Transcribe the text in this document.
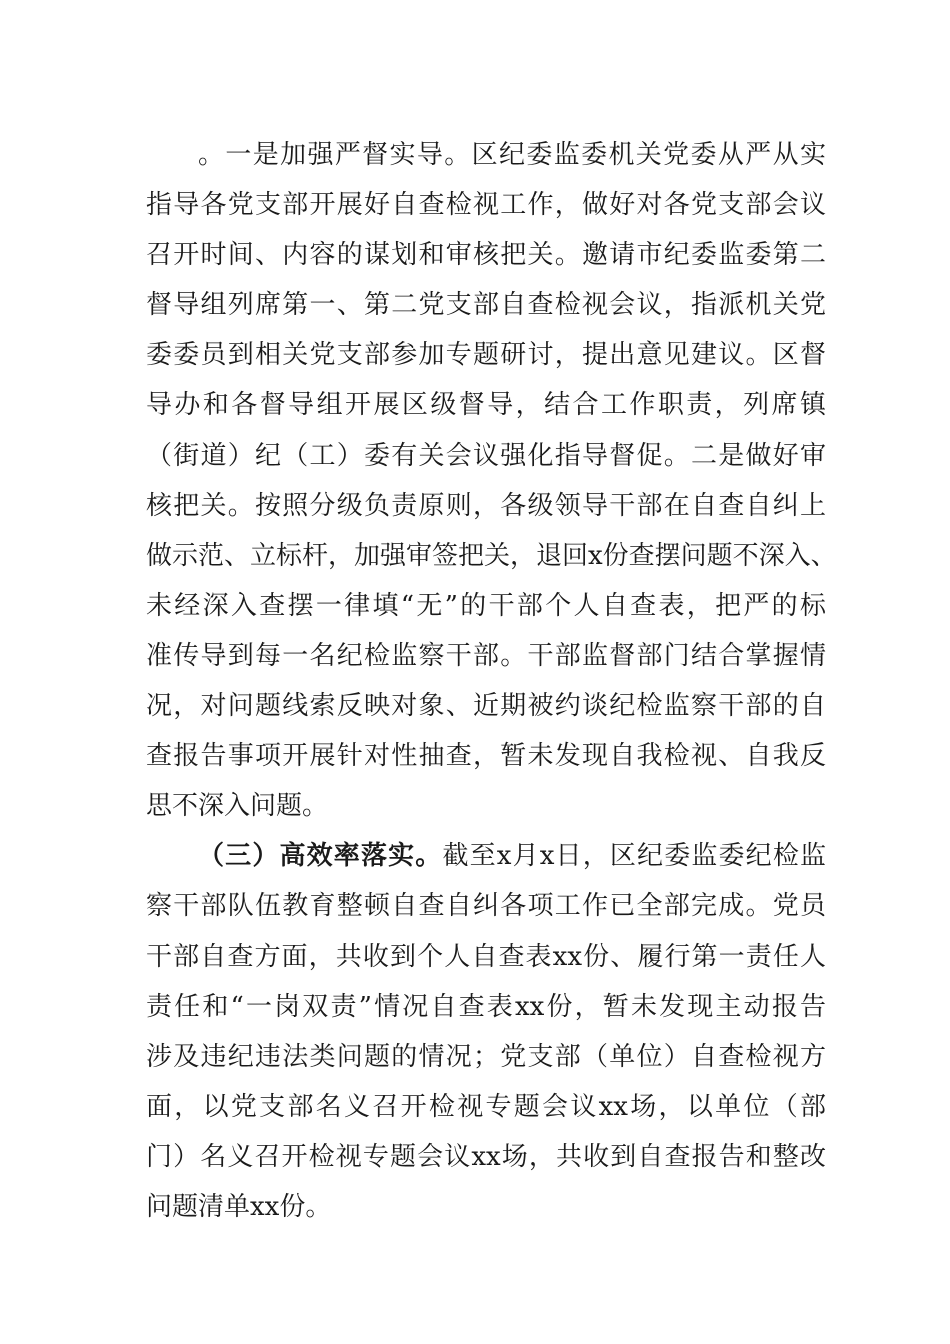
。一是加强严督实导。区纪委监委机关党委从严从实
指导各党支部开展好自查检视工作，做好对各党支部会议
召开时间、内容的谋划和审核把关。邀请市纪委监委第二
督导组列席第一、第二党支部自查检视会议，指派机关党
委委员到相关党支部参加专题研讨，提出意见建议。区督
导办和各督导组开展区级督导，结合工作职责，列席镇
（街道）纪（工）委有关会议强化指导督促。二是做好审
核把关。按照分级负责原则，各级领导干部在自查自纠上
做示范、立标杆，加强审签把关，退回x份查摆问题不深入、
未经深入查摆一律填“无”的干部个人自查表，把严的标
准传导到每一名纪检监察干部。干部监督部门结合掌握情
况，对问题线索反映对象、近期被约谈纪检监察干部的自
查报告事项开展针对性抽查，暂未发现自我检视、自我反
思不深入问题。
（三）高效率落实。截至x月x日，区纪委监委纪检监
察干部队伍教育整顿自查自纠各项工作已全部完成。党员
干部自查方面，共收到个人自查表xx份、履行第一责任人
责任和“一岗双责”情况自查表xx份，暂未发现主动报告
涉及违纪违法类问题的情况；党支部（单位）自查检视方
面，以党支部名义召开检视专题会议xx场，以单位（部
门）名义召开检视专题会议xx场，共收到自查报告和整改
问题清单xx份。
